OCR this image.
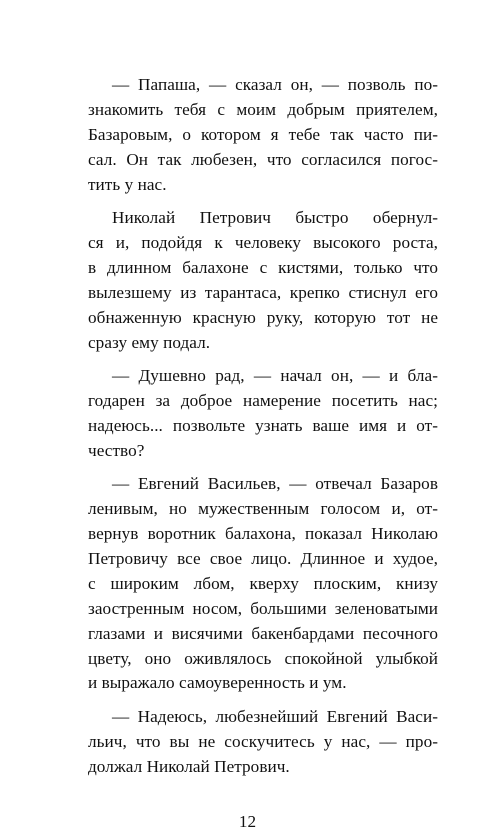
— Папаша, — сказал он, — позволь по-
знакомить тебя с моим добрым приятелем,
Базаровым, о котором я тебе так часто пи-
сал. Он так любезен, что согласился погос-
тить у нас.
Николай Петрович быстро обернул-
ся и, подойдя к человеку высокого роста,
в длинном балахоне с кистями, только что
вылезшему из тарантаса, крепко стиснул его
обнаженную красную руку, которую тот не
сразу ему подал.
— Душевно рад, — начал он, — и бла-
годарен за доброе намерение посетить нас;
надеюсь... позвольте узнать ваше имя и от-
чество?
— Евгений Васильев, — отвечал Базаров
ленивым, но мужественным голосом и, от-
вернув воротник балахона, показал Николаю
Петровичу все свое лицо. Длинное и худое,
с широким лбом, кверху плоским, книзу
заостренным носом, большими зеленоватыми
глазами и висячими бакенбардами песочного
цвету, оно оживлялось спокойной улыбкой
и выражало самоуверенность и ум.
— Надеюсь, любезнейший Евгений Васи-
льич, что вы не соскучитесь у нас, — про-
должал Николай Петрович.
12
